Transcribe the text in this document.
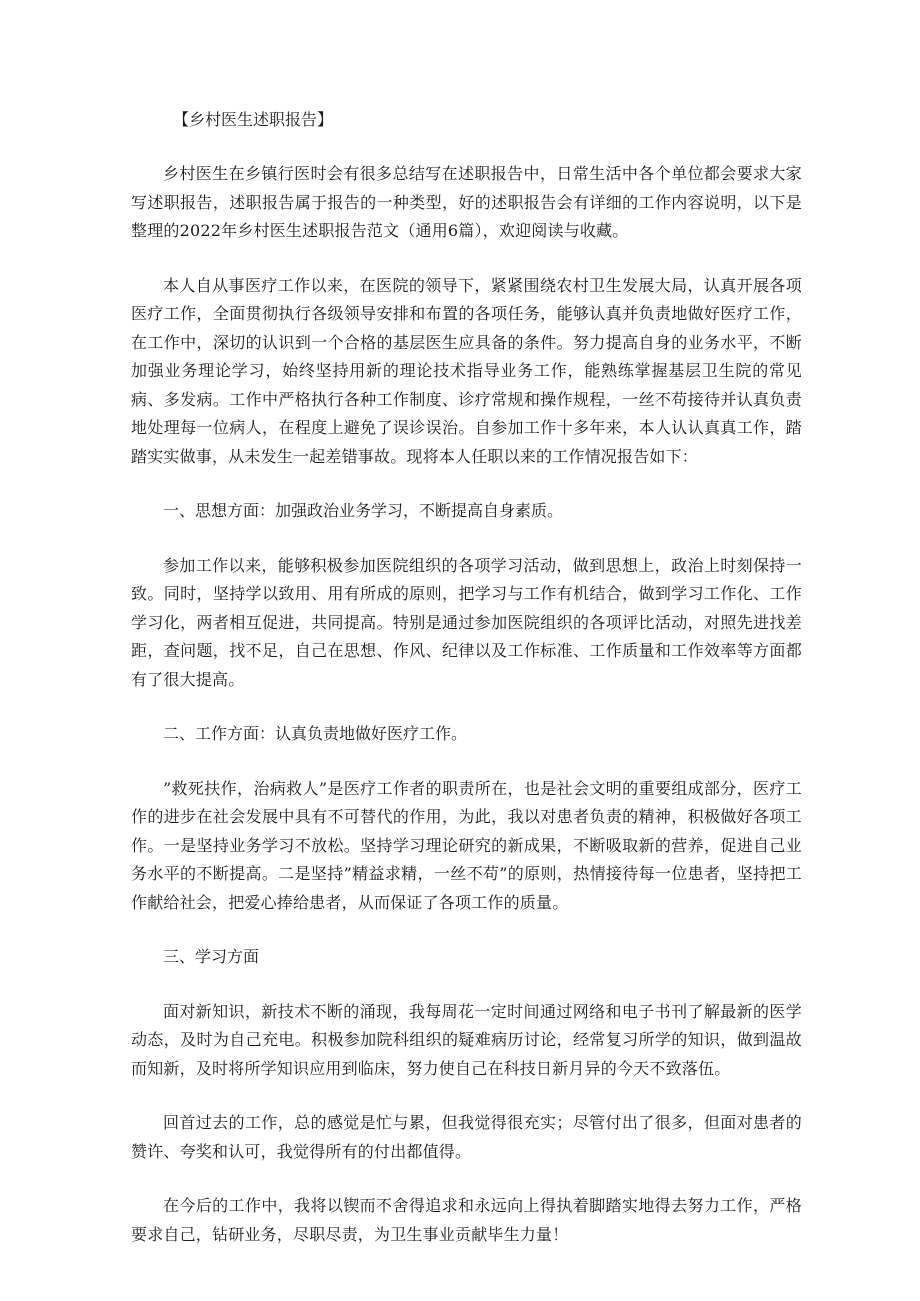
【乡村医生述职报告】

乡村医生在乡镇行医时会有很多总结写在述职报告中，日常生活中各个单位都会要求大家写述职报告，述职报告属于报告的一种类型，好的述职报告会有详细的工作内容说明，以下是整理的2022年乡村医生述职报告范文（通用6篇），欢迎阅读与收藏。

本人自从事医疗工作以来，在医院的领导下，紧紧围绕农村卫生发展大局，认真开展各项医疗工作，全面贯彻执行各级领导安排和布置的各项任务，能够认真并负责地做好医疗工作，在工作中，深切的认识到一个合格的基层医生应具备的条件。努力提高自身的业务水平，不断加强业务理论学习，始终坚持用新的理论技术指导业务工作，能熟练掌握基层卫生院的常见病、多发病。工作中严格执行各种工作制度、诊疗常规和操作规程，一丝不苟接待并认真负责地处理每一位病人，在程度上避免了误诊误治。自参加工作十多年来，本人认认真真工作，踏踏实实做事，从未发生一起差错事故。现将本人任职以来的工作情况报告如下：

一、思想方面：加强政治业务学习，不断提高自身素质。

参加工作以来，能够积极参加医院组织的各项学习活动，做到思想上，政治上时刻保持一致。同时，坚持学以致用、用有所成的原则，把学习与工作有机结合，做到学习工作化、工作学习化，两者相互促进，共同提高。特别是通过参加医院组织的各项评比活动，对照先进找差距，查问题，找不足，自己在思想、作风、纪律以及工作标准、工作质量和工作效率等方面都有了很大提高。

二、工作方面：认真负责地做好医疗工作。

”救死扶作，治病救人”是医疗工作者的职责所在，也是社会文明的重要组成部分，医疗工作的进步在社会发展中具有不可替代的作用，为此，我以对患者负责的精神，积极做好各项工作。一是坚持业务学习不放松。坚持学习理论研究的新成果，不断吸取新的营养，促进自己业务水平的不断提高。二是坚持”精益求精，一丝不苟”的原则，热情接待每一位患者，坚持把工作献给社会，把爱心捧给患者，从而保证了各项工作的质量。

三、学习方面

面对新知识，新技术不断的涌现，我每周花一定时间通过网络和电子书刊了解最新的医学动态，及时为自己充电。积极参加院科组织的疑难病历讨论，经常复习所学的知识，做到温故而知新，及时将所学知识应用到临床，努力使自己在科技日新月异的今天不致落伍。

回首过去的工作，总的感觉是忙与累，但我觉得很充实；尽管付出了很多，但面对患者的赞许、夸奖和认可，我觉得所有的付出都值得。

在今后的工作中，我将以锲而不舍得追求和永远向上得执着脚踏实地得去努力工作，严格要求自己，钻研业务，尽职尽责，为卫生事业贡献毕生力量！
